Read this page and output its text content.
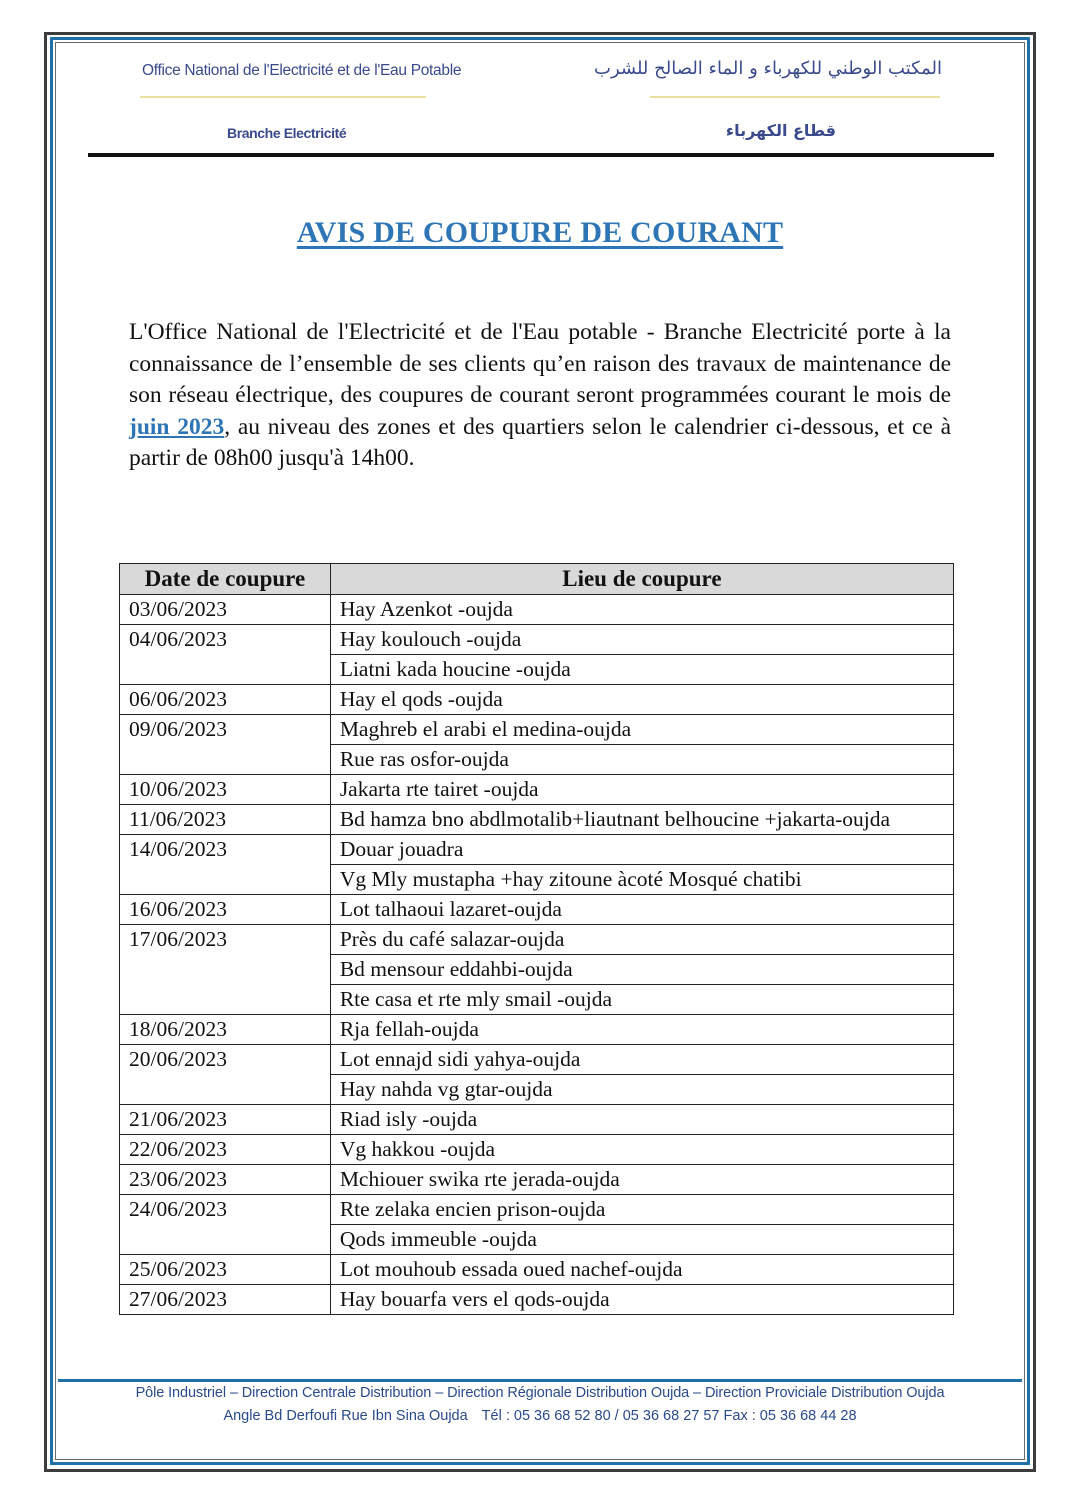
Office National de l'Electricité et de l'Eau Potable
Branche Electricité
المكتب الوطني للكهرباء و الماء الصالح للشرب
قطاع الكهرباء
AVIS DE COUPURE DE COURANT

L'Office National de l'Electricité et de l'Eau potable - Branche Electricité porte à la connaissance de l’ensemble de ses clients qu’en raison des travaux de maintenance de son réseau électrique, des coupures de courant seront programmées courant le mois de juin 2023, au niveau des zones et des quartiers selon le calendrier ci-dessous, et ce à partir de 08h00 jusqu'à 14h00.

Date de coupure	Lieu de coupure
03/06/2023	Hay Azenkot -oujda
04/06/2023	Hay koulouch -oujda
	Liatni kada houcine -oujda
06/06/2023	Hay el qods -oujda
09/06/2023	Maghreb el arabi el medina-oujda
	Rue ras osfor-oujda
10/06/2023	Jakarta rte tairet -oujda
11/06/2023	Bd hamza bno abdlmotalib+liautnant belhoucine +jakarta-oujda
14/06/2023	Douar jouadra
	Vg Mly mustapha +hay zitoune àcoté Mosqué chatibi
16/06/2023	Lot talhaoui lazaret-oujda
17/06/2023	Près du café salazar-oujda
	Bd mensour eddahbi-oujda
	Rte casa et rte mly smail -oujda
18/06/2023	Rja fellah-oujda
20/06/2023	Lot ennajd sidi yahya-oujda
	Hay nahda vg gtar-oujda
21/06/2023	Riad isly -oujda
22/06/2023	Vg hakkou -oujda
23/06/2023	Mchiouer swika rte jerada-oujda
24/06/2023	Rte zelaka encien prison-oujda
	Qods immeuble -oujda
25/06/2023	Lot mouhoub essada oued nachef-oujda
27/06/2023	Hay bouarfa vers el qods-oujda
Pôle Industriel – Direction Centrale Distribution – Direction Régionale Distribution Oujda – Direction Proviciale Distribution Oujda
Angle Bd Derfoufi Rue Ibn Sina Oujda Tél : 05 36 68 52 80 / 05 36 68 27 57 Fax : 05 36 68 44 28
